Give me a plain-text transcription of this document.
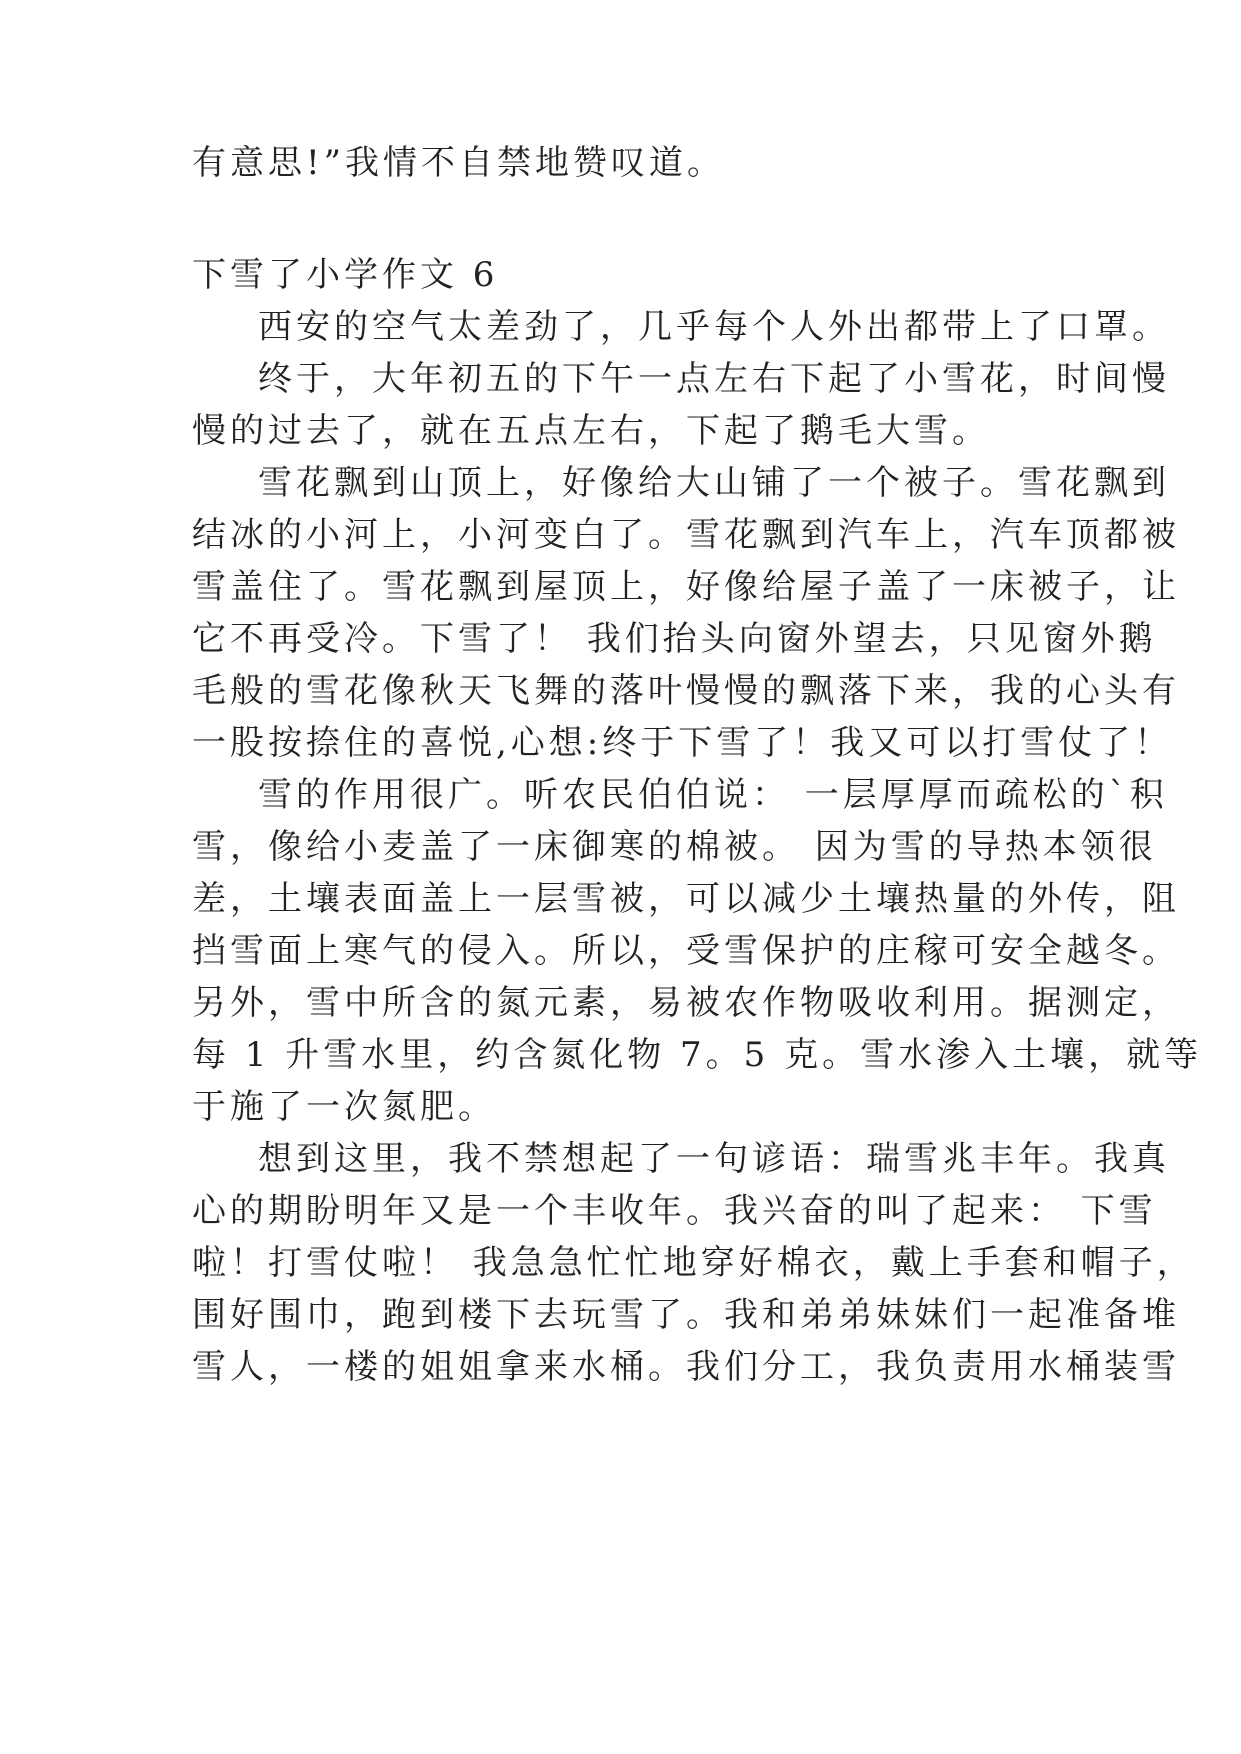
有意思!”我情不自禁地赞叹道。
下雪了小学作文 6
西安的空气太差劲了，几乎每个人外出都带上了口罩。
终于，大年初五的下午一点左右下起了小雪花，时间慢
慢的过去了，就在五点左右，下起了鹅毛大雪。
雪花飘到山顶上，好像给大山铺了一个被子。雪花飘到
结冰的小河上，小河变白了。雪花飘到汽车上，汽车顶都被
雪盖住了。雪花飘到屋顶上，好像给屋子盖了一床被子，让
它不再受冷。下雪了！ 我们抬头向窗外望去，只见窗外鹅
毛般的雪花像秋天飞舞的落叶慢慢的飘落下来，我的心头有
一股按捺住的喜悦,心想:终于下雪了！我又可以打雪仗了！
雪的作用很广。听农民伯伯说： 一层厚厚而疏松的`积
雪，像给小麦盖了一床御寒的棉被。 因为雪的导热本领很
差，土壤表面盖上一层雪被，可以减少土壤热量的外传，阻
挡雪面上寒气的侵入。所以，受雪保护的庄稼可安全越冬。
另外，雪中所含的氮元素，易被农作物吸收利用。据测定，
每 1 升雪水里，约含氮化物 7。5 克。雪水渗入土壤，就等
于施了一次氮肥。
想到这里，我不禁想起了一句谚语：瑞雪兆丰年。我真
心的期盼明年又是一个丰收年。我兴奋的叫了起来： 下雪
啦！打雪仗啦！ 我急急忙忙地穿好棉衣，戴上手套和帽子，
围好围巾，跑到楼下去玩雪了。我和弟弟妹妹们一起准备堆
雪人，一楼的姐姐拿来水桶。我们分工，我负责用水桶装雪
